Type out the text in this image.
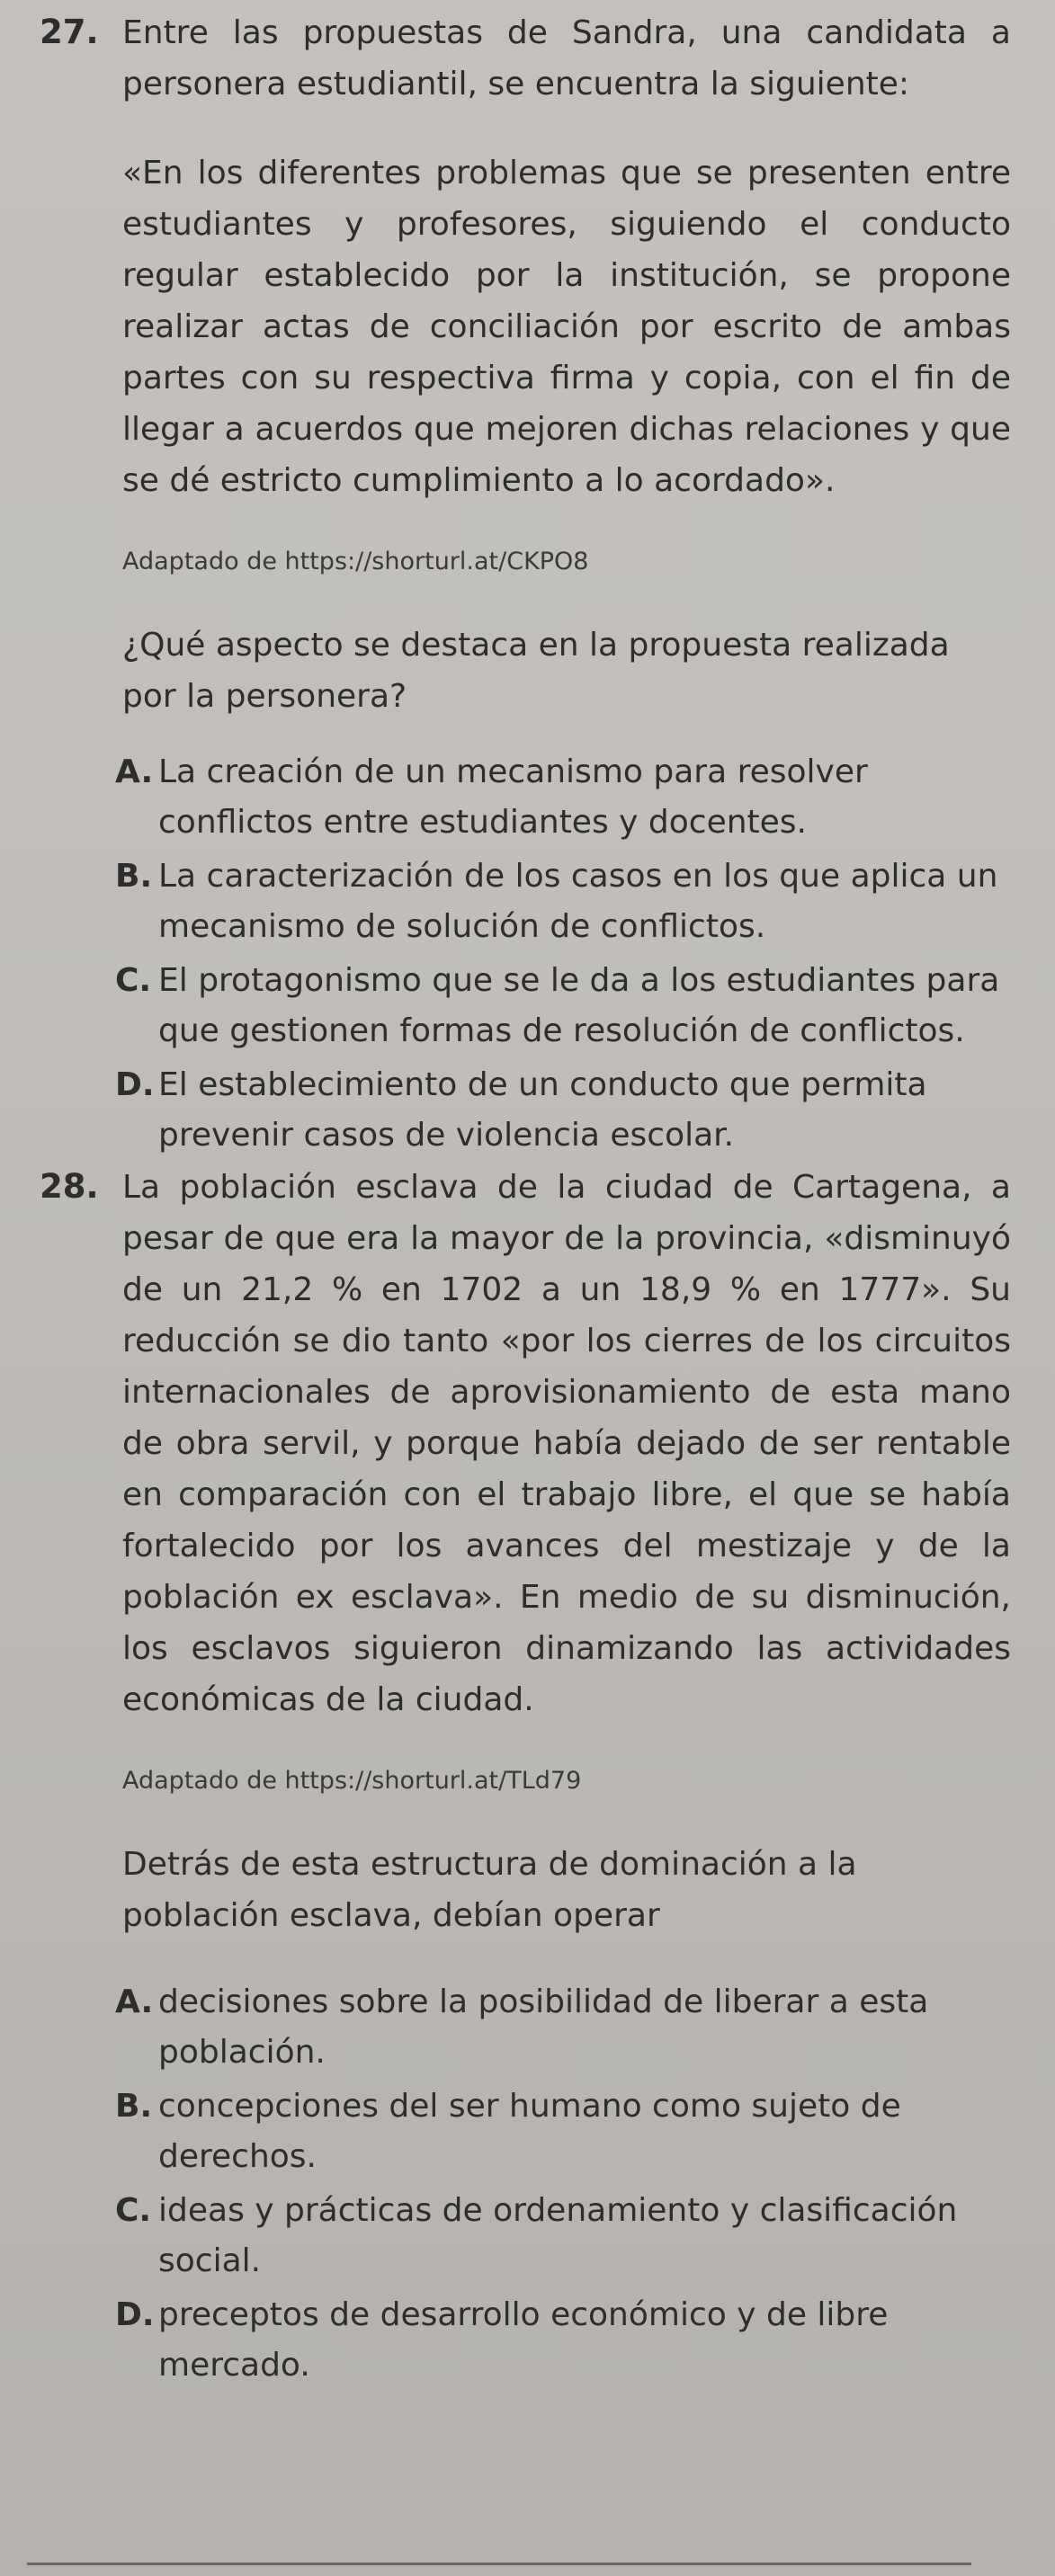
27. Entre las propuestas de Sandra, una candidata a personera estudiantil, se encuentra la siguiente:
«En los diferentes problemas que se presenten entre estudiantes y profesores, siguiendo el conducto regular establecido por la institución, se propone realizar actas de conciliación por escrito de ambas partes con su respectiva firma y copia, con el fin de llegar a acuerdos que mejoren dichas relaciones y que se dé estricto cumplimiento a lo acordado».
Adaptado de https://shorturl.at/CKPO8
¿Qué aspecto se destaca en la propuesta realizada por la personera?
A. La creación de un mecanismo para resolver conflictos entre estudiantes y docentes.
B. La caracterización de los casos en los que aplica un mecanismo de solución de conflictos.
C. El protagonismo que se le da a los estudiantes para que gestionen formas de resolución de conflictos.
D. El establecimiento de un conducto que permita prevenir casos de violencia escolar.
28. La población esclava de la ciudad de Cartagena, a pesar de que era la mayor de la provincia, «disminuyó de un 21,2 % en 1702 a un 18,9 % en 1777». Su reducción se dio tanto «por los cierres de los circuitos internacionales de aprovisionamiento de esta mano de obra servil, y porque había dejado de ser rentable en comparación con el trabajo libre, el que se había fortalecido por los avances del mestizaje y de la población ex esclava». En medio de su disminución, los esclavos siguieron dinamizando las actividades económicas de la ciudad.
Adaptado de https://shorturl.at/TLd79
Detrás de esta estructura de dominación a la población esclava, debían operar
A. decisiones sobre la posibilidad de liberar a esta población.
B. concepciones del ser humano como sujeto de derechos.
C. ideas y prácticas de ordenamiento y clasificación social.
D. preceptos de desarrollo económico y de libre mercado.
